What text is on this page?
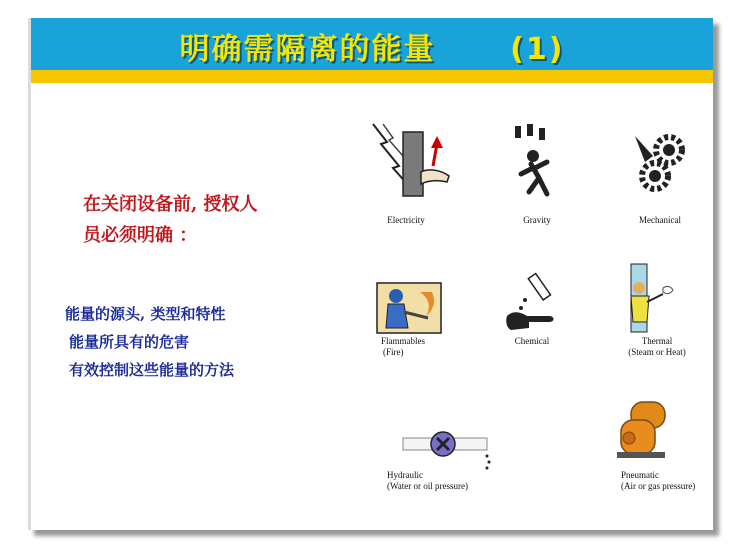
明确需隔离的能量      (1)
在关闭设备前, 授权人
员必须明确 ：
能量的源头, 类型和特性
能量所具有的危害
有效控制这些能量的方法
Electricity	Gravity	Mechanical
Flammables
(Fire)
Chemical	Thermal
(Steam or Heat)
Hydraulic
(Water or oil pressure)
Pneumatic
(Air or gas pressure)
